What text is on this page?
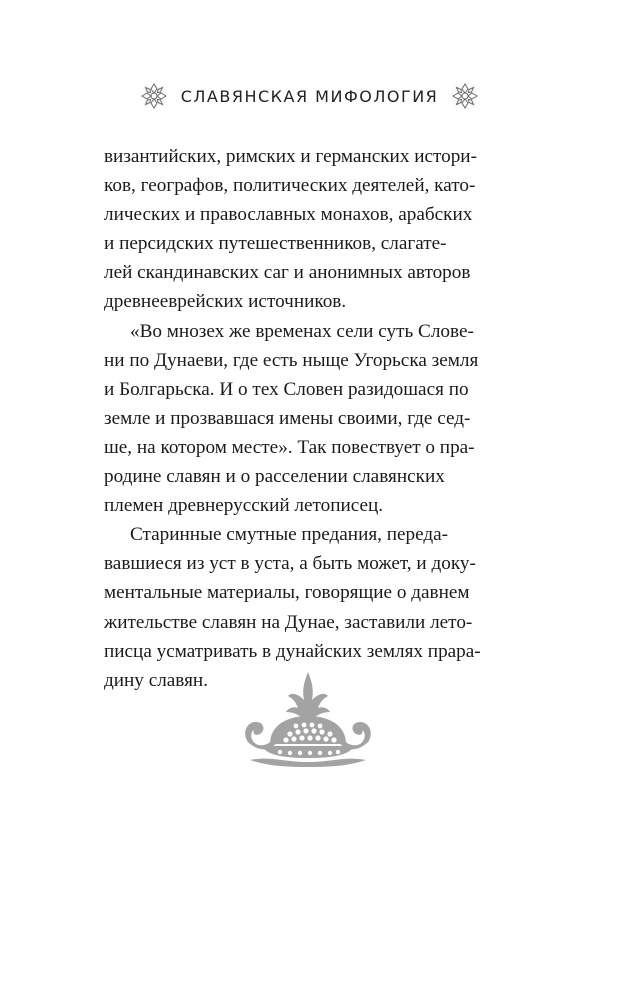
СЛАВЯНСКАЯ МИФОЛОГИЯ

византийских, римских и германских истори-
ков, географов, политических деятелей, като-
лических и православных монахов, арабских
и персидских путешественников, слагате-
лей скандинавских саг и анонимных авторов
древнееврейских источников.

«Во мнозех же временах сели суть Слове-
ни по Дунаеви, где есть ныще Угорьска земля
и Болгарьска. И о тех Словен разидошася по
земле и прозвавшася имены своими, где сед-
ше, на котором месте». Так повествует о пра-
родине славян и о расселении славянских
племен древнерусский летописец.

Старинные смутные предания, переда-
вавшиеся из уст в уста, а быть может, и доку-
ментальные материалы, говорящие о давнем
жительстве славян на Дунае, заставили лето-
писца усматривать в дунайских землях прара-
дину славян.
